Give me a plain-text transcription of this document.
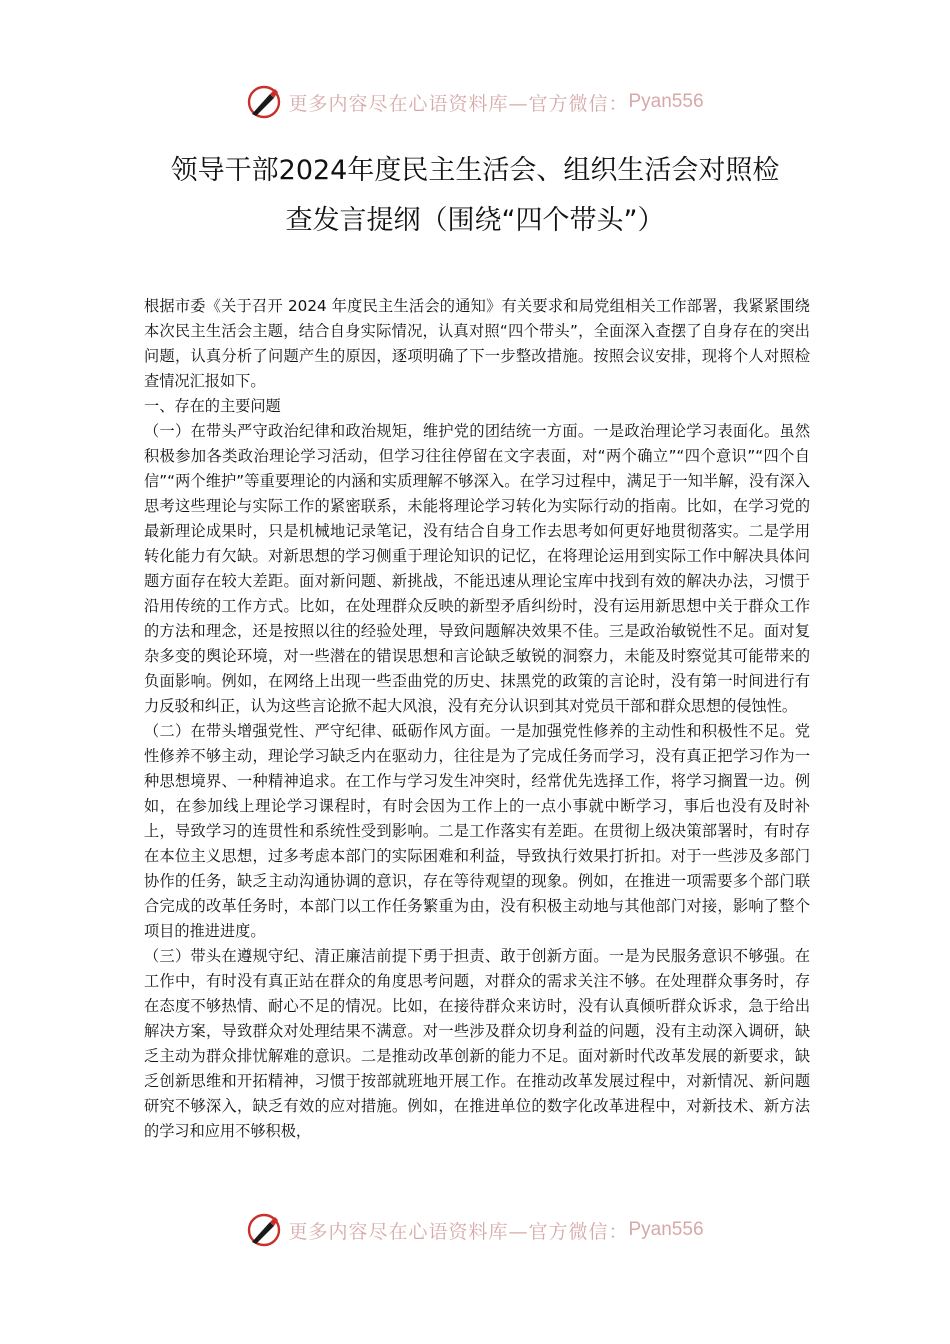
更多内容尽在心语资料库—官方微信： Pyan556
领导干部2024年度民主生活会、组织生活会对照检
查发言提纲（围绕“四个带头”）

根据市委《关于召开 2024 年度民主生活会的通知》有关要求和局党组相关工作部署，我紧紧围绕本次民主生活会主题，结合自身实际情况，认真对照“四个带头”，全面深入查摆了自身存在的突出问题，认真分析了问题产生的原因，逐项明确了下一步整改措施。按照会议安排，现将个人对照检查情况汇报如下。

一、存在的主要问题

（一）在带头严守政治纪律和政治规矩，维护党的团结统一方面。一是政治理论学习表面化。虽然积极参加各类政治理论学习活动，但学习往往停留在文字表面，对“两个确立”“四个意识”“四个自信”“两个维护”等重要理论的内涵和实质理解不够深入。在学习过程中，满足于一知半解，没有深入思考这些理论与实际工作的紧密联系，未能将理论学习转化为实际行动的指南。比如，在学习党的最新理论成果时，只是机械地记录笔记，没有结合自身工作去思考如何更好地贯彻落实。二是学用转化能力有欠缺。对新思想的学习侧重于理论知识的记忆，在将理论运用到实际工作中解决具体问题方面存在较大差距。面对新问题、新挑战，不能迅速从理论宝库中找到有效的解决办法，习惯于沿用传统的工作方式。比如，在处理群众反映的新型矛盾纠纷时，没有运用新思想中关于群众工作的方法和理念，还是按照以往的经验处理，导致问题解决效果不佳。三是政治敏锐性不足。面对复杂多变的舆论环境，对一些潜在的错误思想和言论缺乏敏锐的洞察力，未能及时察觉其可能带来的负面影响。例如，在网络上出现一些歪曲党的历史、抹黑党的政策的言论时，没有第一时间进行有力反驳和纠正，认为这些言论掀不起大风浪，没有充分认识到其对党员干部和群众思想的侵蚀性。

（二）在带头增强党性、严守纪律、砥砺作风方面。一是加强党性修养的主动性和积极性不足。党性修养不够主动，理论学习缺乏内在驱动力，往往是为了完成任务而学习，没有真正把学习作为一种思想境界、一种精神追求。在工作与学习发生冲突时，经常优先选择工作，将学习搁置一边。例如，在参加线上理论学习课程时，有时会因为工作上的一点小事就中断学习，事后也没有及时补上，导致学习的连贯性和系统性受到影响。二是工作落实有差距。在贯彻上级决策部署时，有时存在本位主义思想，过多考虑本部门的实际困难和利益，导致执行效果打折扣。对于一些涉及多部门协作的任务，缺乏主动沟通协调的意识，存在等待观望的现象。例如，在推进一项需要多个部门联合完成的改革任务时，本部门以工作任务繁重为由，没有积极主动地与其他部门对接，影响了整个项目的推进进度。

（三）带头在遵规守纪、清正廉洁前提下勇于担责、敢于创新方面。一是为民服务意识不够强。在工作中，有时没有真正站在群众的角度思考问题，对群众的需求关注不够。在处理群众事务时，存在态度不够热情、耐心不足的情况。比如，在接待群众来访时，没有认真倾听群众诉求，急于给出解决方案，导致群众对处理结果不满意。对一些涉及群众切身利益的问题，没有主动深入调研，缺乏主动为群众排忧解难的意识。二是推动改革创新的能力不足。面对新时代改革发展的新要求，缺乏创新思维和开拓精神，习惯于按部就班地开展工作。在推动改革发展过程中，对新情况、新问题研究不够深入，缺乏有效的应对措施。例如，在推进单位的数字化改革进程中，对新技术、新方法的学习和应用不够积极，

更多内容尽在心语资料库—官方微信： Pyan556
